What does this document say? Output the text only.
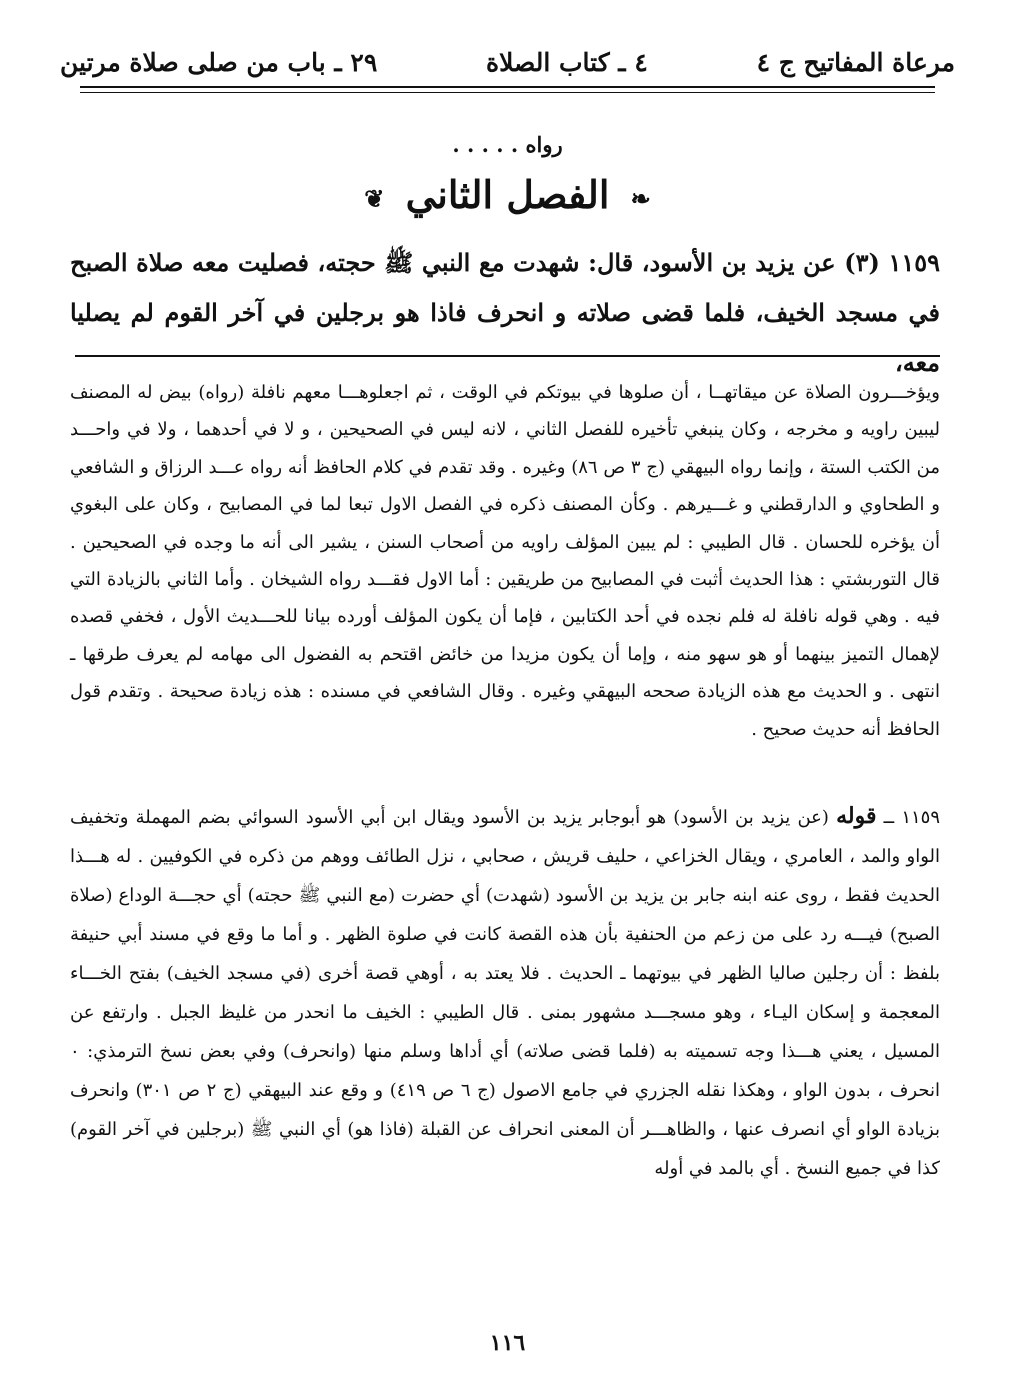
مرعاة المفاتيح ج ٤
٤ ـ كتاب الصلاة
٢٩ ـ باب من صلى صلاة مرتين
رواه . . . . .
❧ الفصل الثاني ❦
١١٥٩ (٣) عن يزيد بن الأسود، قال: شهدت مع النبي ﷺ حجته، فصليت معه صلاة الصبح في مسجد الخيف، فلما قضى صلاته و انحرف فاذا هو برجلين في آخر القوم لم يصليا معه،
ويؤخـــرون الصلاة عن ميقاتهــا ، أن صلوها في بيوتكم في الوقت ، ثم اجعلوهـــا معهم نافلة (رواه) بيض له المصنف ليبين راويه و مخرجه ، وكان ينبغي تأخيره للفصل الثاني ، لانه ليس في الصحيحين ، و لا في أحدهما ، ولا في واحـــد من الكتب الستة ، وإنما رواه البيهقي (ج ٣ ص ٨٦) وغيره . وقد تقدم في كلام الحافظ أنه رواه عـــد الرزاق و الشافعي و الطحاوي و الدارقطني و غـــيرهم . وكأن المصنف ذكره في الفصل الاول تبعا لما في المصابيح ، وكان على البغوي أن يؤخره للحسان . قال الطيبي : لم يبين المؤلف راويه من أصحاب السنن ، يشير الى أنه ما وجده في الصحيحين . قال التوربشتي : هذا الحديث أثبت في المصابيح من طريقين : أما الاول فقـــد رواه الشيخان . وأما الثاني بالزيادة التي فيه . وهي قوله نافلة له فلم نجده في أحد الكتابين ، فإما أن يكون المؤلف أورده بيانا للحـــديث الأول ، فخفي قصده لإهمال التميز بينهما أو هو سهو منه ، وإما أن يكون مزيدا من خائض اقتحم به الفضول الى مهامه لم يعرف طرقها ـ انتهى . و الحديث مع هذه الزيادة صححه البيهقي وغيره . وقال الشافعي في مسنده : هذه زيادة صحيحة . وتقدم قول الحافظ أنه حديث صحيح .
١١٥٩ ــ قوله (عن يزيد بن الأسود) هو أبوجابر يزيد بن الأسود ويقال ابن أبي الأسود السوائي بضم المهملة وتخفيف الواو والمد ، العامري ، ويقال الخزاعي ، حليف قريش ، صحابي ، نزل الطائف ووهم من ذكره في الكوفيين . له هـــذا الحديث فقط ، روى عنه ابنه جابر بن يزيد بن الأسود (شهدت) أي حضرت (مع النبي ﷺ حجته) أي حجـــة الوداع (صلاة الصبح) فيـــه رد على من زعم من الحنفية بأن هذه القصة كانت في صلوة الظهر . و أما ما وقع في مسند أبي حنيفة بلفظ : أن رجلين صاليا الظهر في بيوتهما ـ الحديث . فلا يعتد به ، أوهي قصة أخرى (في مسجد الخيف) بفتح الخـــاء المعجمة و إسكان اليـاء ، وهو مسجـــد مشهور بمنى . قال الطيبي : الخيف ما انحدر من غليظ الجبل . وارتفع عن المسيل ، يعني هـــذا وجه تسميته به (فلما قضى صلاته) أي أداها وسلم منها (وانحرف) وفي بعض نسخ الترمذي: ٠ انحرف ، بدون الواو ، وهكذا نقله الجزري في جامع الاصول (ج ٦ ص ٤١٩) و وقع عند البيهقي (ج ٢ ص ٣٠١) وانحرف بزيادة الواو أي انصرف عنها ، والظاهـــر أن المعنى انحراف عن القبلة (فاذا هو) أي النبي ﷺ (برجلين في آخر القوم) كذا في جميع النسخ . أي بالمد في أوله
١١٦
